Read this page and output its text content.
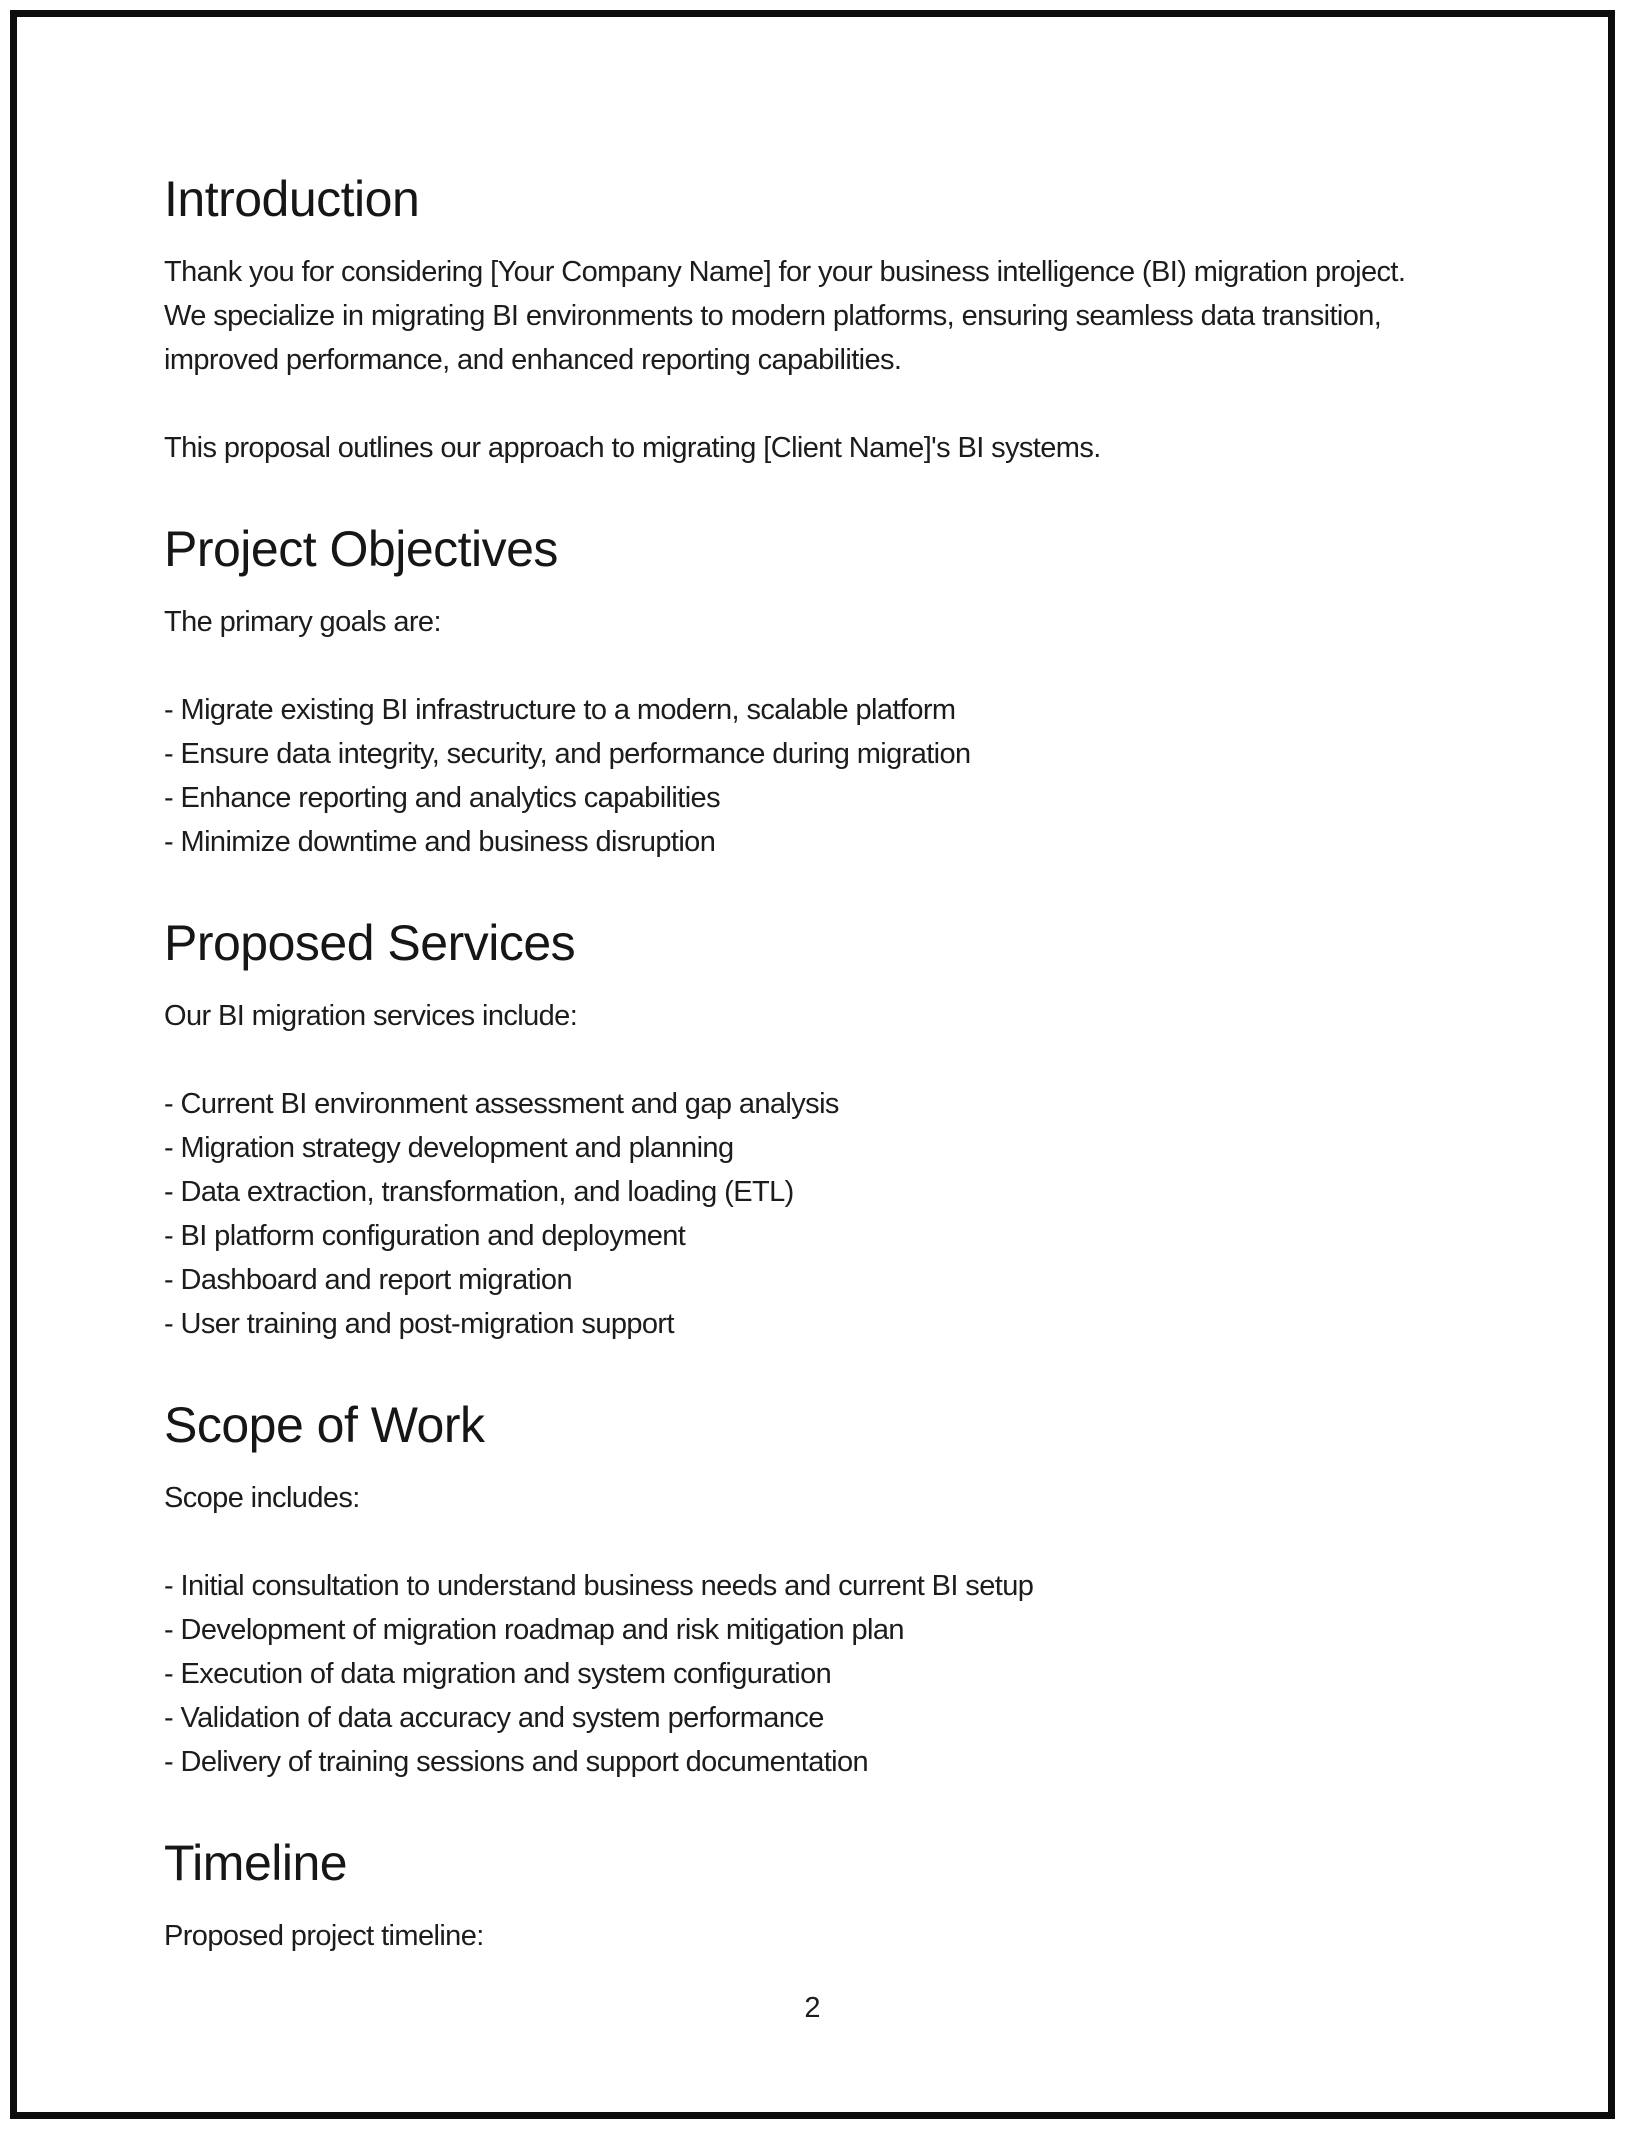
Introduction
Thank you for considering [Your Company Name] for your business intelligence (BI) migration project.
We specialize in migrating BI environments to modern platforms, ensuring seamless data transition,
improved performance, and enhanced reporting capabilities.
This proposal outlines our approach to migrating [Client Name]'s BI systems.
Project Objectives
The primary goals are:
- Migrate existing BI infrastructure to a modern, scalable platform
- Ensure data integrity, security, and performance during migration
- Enhance reporting and analytics capabilities
- Minimize downtime and business disruption
Proposed Services
Our BI migration services include:
- Current BI environment assessment and gap analysis
- Migration strategy development and planning
- Data extraction, transformation, and loading (ETL)
- BI platform configuration and deployment
- Dashboard and report migration
- User training and post-migration support
Scope of Work
Scope includes:
- Initial consultation to understand business needs and current BI setup
- Development of migration roadmap and risk mitigation plan
- Execution of data migration and system configuration
- Validation of data accuracy and system performance
- Delivery of training sessions and support documentation
Timeline
Proposed project timeline:
2
